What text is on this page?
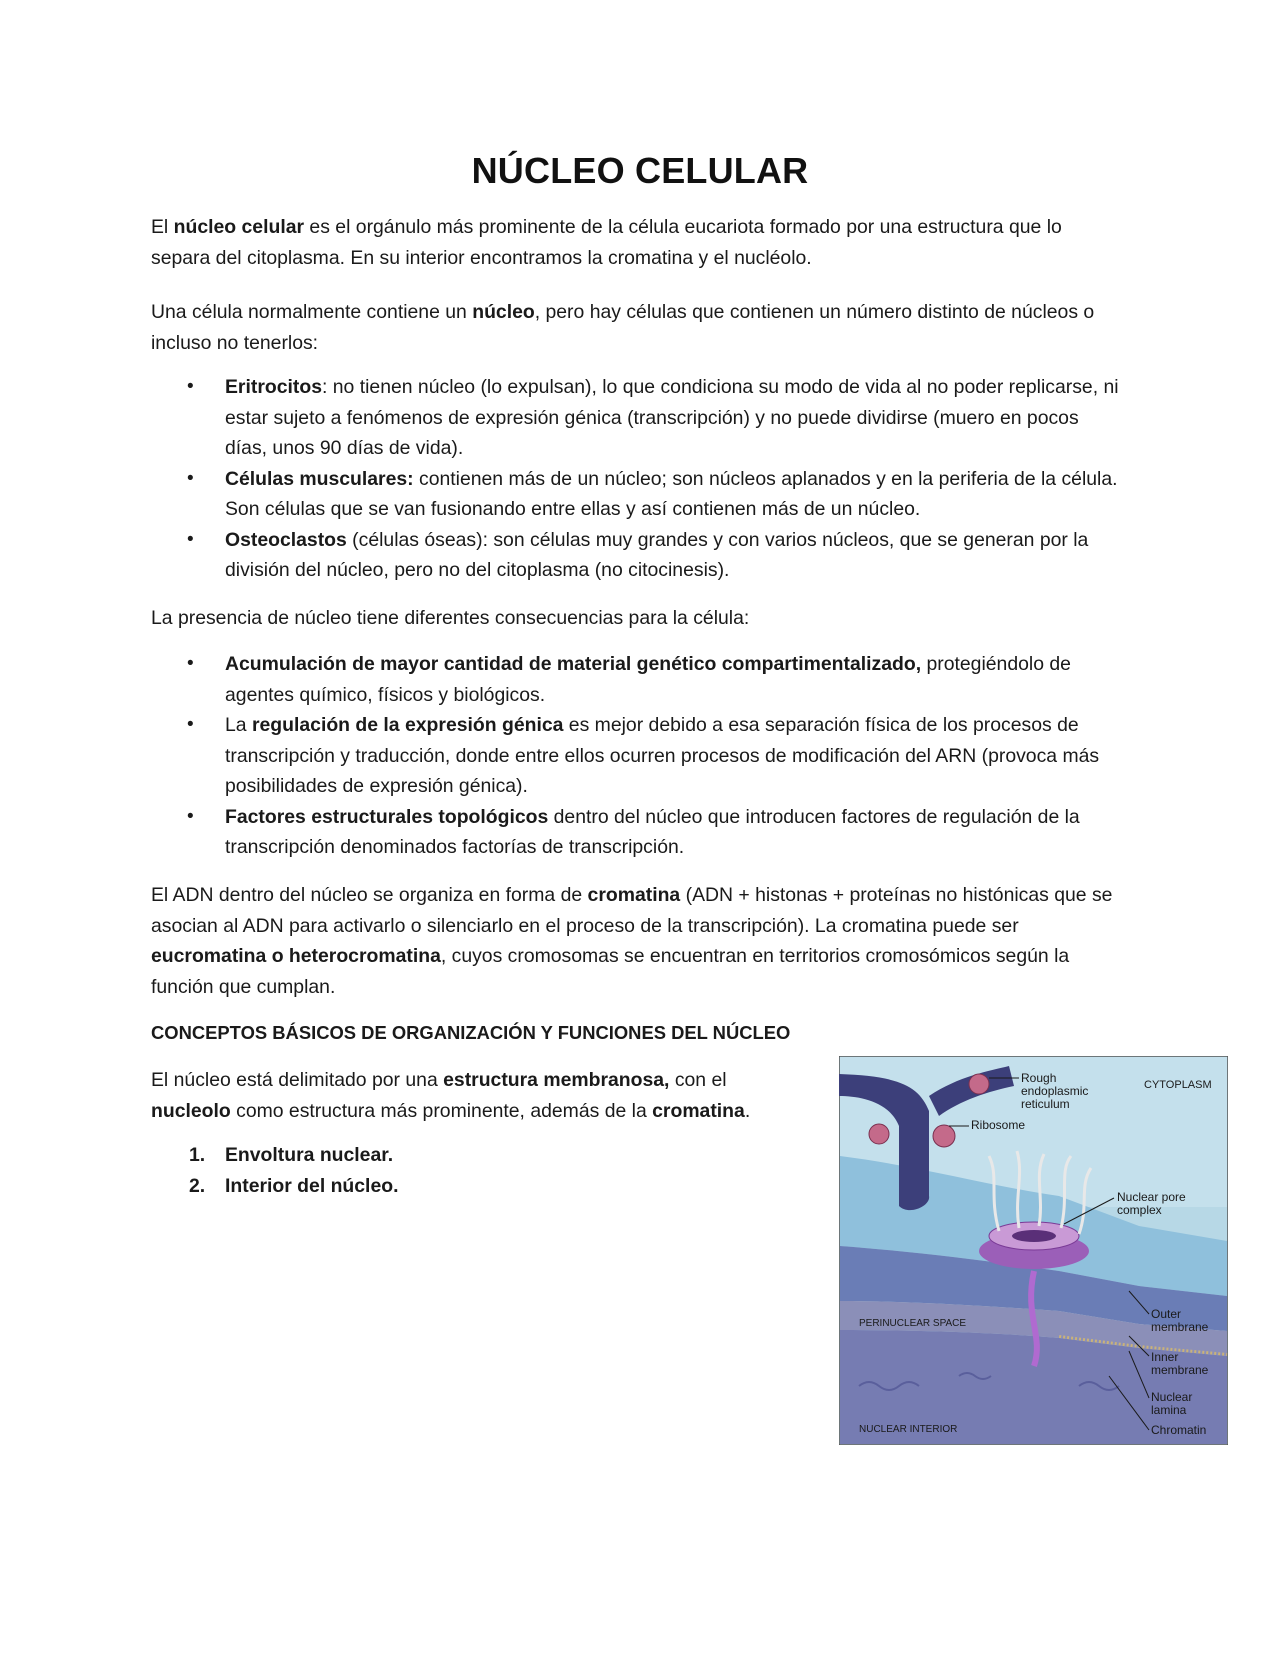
NÚCLEO CELULAR

El núcleo celular es el orgánulo más prominente de la célula eucariota formado por una estructura que lo separa del citoplasma. En su interior encontramos la cromatina y el nucléolo.

Una célula normalmente contiene un núcleo, pero hay células que contienen un número distinto de núcleos o incluso no tenerlos:

• Eritrocitos: no tienen núcleo (lo expulsan), lo que condiciona su modo de vida al no poder replicarse, ni estar sujeto a fenómenos de expresión génica (transcripción) y no puede dividirse (muero en pocos días, unos 90 días de vida).
• Células musculares: contienen más de un núcleo; son núcleos aplanados y en la periferia de la célula. Son células que se van fusionando entre ellas y así contienen más de un núcleo.
• Osteoclastos (células óseas): son células muy grandes y con varios núcleos, que se generan por la división del núcleo, pero no del citoplasma (no citocinesis).

La presencia de núcleo tiene diferentes consecuencias para la célula:

• Acumulación de mayor cantidad de material genético compartimentalizado, protegiéndolo de agentes químico, físicos y biológicos.
• La regulación de la expresión génica es mejor debido a esa separación física de los procesos de transcripción y traducción, donde entre ellos ocurren procesos de modificación del ARN (provoca más posibilidades de expresión génica).
• Factores estructurales topológicos dentro del núcleo que introducen factores de regulación de la transcripción denominados factorías de transcripción.

El ADN dentro del núcleo se organiza en forma de cromatina (ADN + histonas + proteínas no histónicas que se asocian al ADN para activarlo o silenciarlo en el proceso de la transcripción). La cromatina puede ser eucromatina o heterocromatina, cuyos cromosomas se encuentran en territorios cromosómicos según la función que cumplan.

CONCEPTOS BÁSICOS DE ORGANIZACIÓN Y FUNCIONES DEL NÚCLEO

El núcleo está delimitado por una estructura membranosa, con el nucleolo como estructura más prominente, además de la cromatina.

1. Envoltura nuclear.
2. Interior del núcleo.
Rough
endoplasmic
reticulum
CYTOPLASM
Ribosome
Nuclear pore
complex
PERINUCLEAR SPACE
Outer
membrane
Inner
membrane
Nuclear
lamina
NUCLEAR INTERIOR	Chromatin
